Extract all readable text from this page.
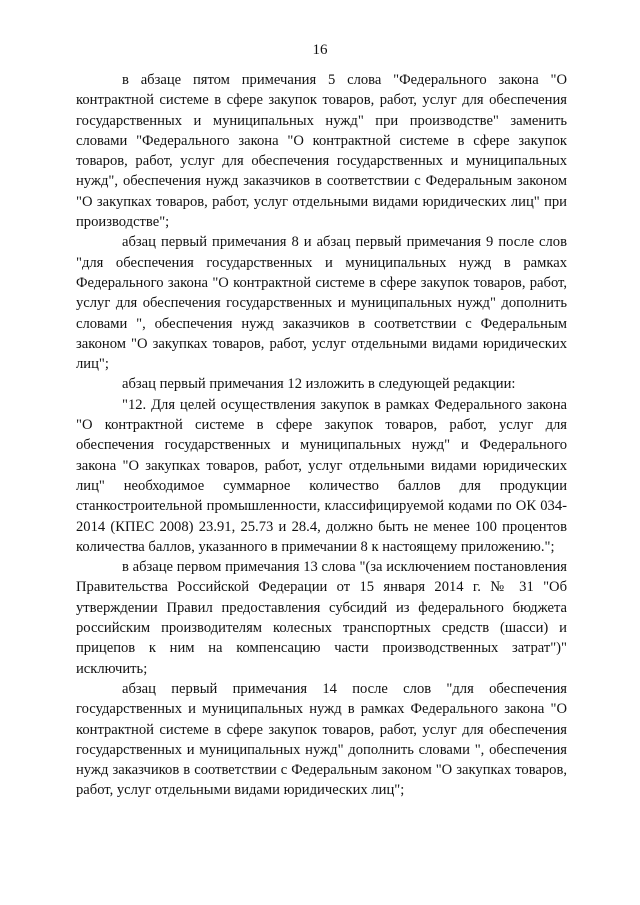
16

в абзаце пятом примечания 5 слова "Федерального закона "О контрактной системе в сфере закупок товаров, работ, услуг для обеспечения государственных и муниципальных нужд" при производстве" заменить словами "Федерального закона "О контрактной системе в сфере закупок товаров, работ, услуг для обеспечения государственных и муниципальных нужд", обеспечения нужд заказчиков в соответствии с Федеральным законом "О закупках товаров, работ, услуг отдельными видами юридических лиц" при производстве";

абзац первый примечания 8 и абзац первый примечания 9 после слов "для обеспечения государственных и муниципальных нужд в рамках Федерального закона "О контрактной системе в сфере закупок товаров, работ, услуг для обеспечения государственных и муниципальных нужд" дополнить словами ", обеспечения нужд заказчиков в соответствии с Федеральным законом "О закупках товаров, работ, услуг отдельными видами юридических лиц";

абзац первый примечания 12 изложить в следующей редакции:

"12. Для целей осуществления закупок в рамках Федерального закона "О контрактной системе в сфере закупок товаров, работ, услуг для обеспечения государственных и муниципальных нужд" и Федерального закона "О закупках товаров, работ, услуг отдельными видами юридических лиц" необходимое суммарное количество баллов для продукции станкостроительной промышленности, классифицируемой кодами по ОК 034-2014 (КПЕС 2008) 23.91, 25.73 и 28.4, должно быть не менее 100 процентов количества баллов, указанного в примечании 8 к настоящему приложению.";

в абзаце первом примечания 13 слова "(за исключением постановления Правительства Российской Федерации от 15 января 2014 г. № 31 "Об утверждении Правил предоставления субсидий из федерального бюджета российским производителям колесных транспортных средств (шасси) и прицепов к ним на компенсацию части производственных затрат")" исключить;

абзац первый примечания 14 после слов "для обеспечения государственных и муниципальных нужд в рамках Федерального закона "О контрактной системе в сфере закупок товаров, работ, услуг для обеспечения государственных и муниципальных нужд" дополнить словами ", обеспечения нужд заказчиков в соответствии с Федеральным законом "О закупках товаров, работ, услуг отдельными видами юридических лиц";
